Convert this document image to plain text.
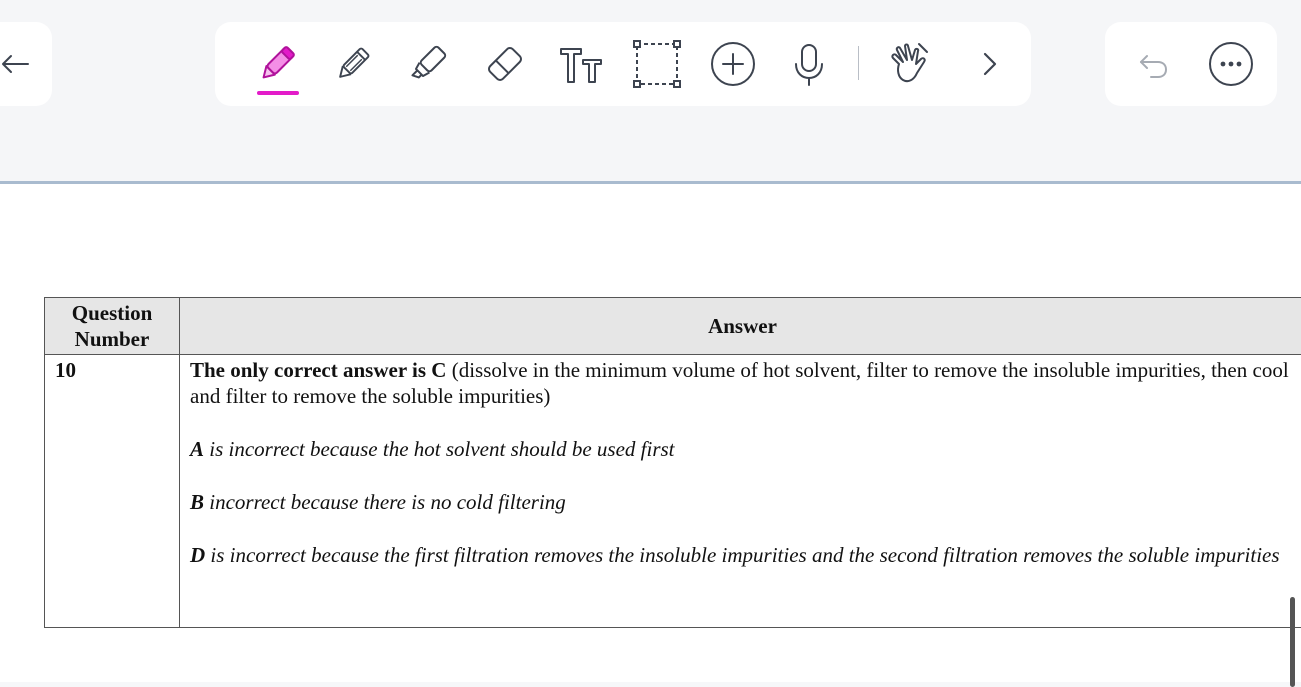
Question Number	Answer
10	The only correct answer is C (dissolve in the minimum volume of hot solvent, filter to remove the insoluble impurities, then cool and filter to remove the soluble impurities)

A is incorrect because the hot solvent should be used first

B incorrect because there is no cold filtering

D is incorrect because the first filtration removes the insoluble impurities and the second filtration removes the soluble impurities
